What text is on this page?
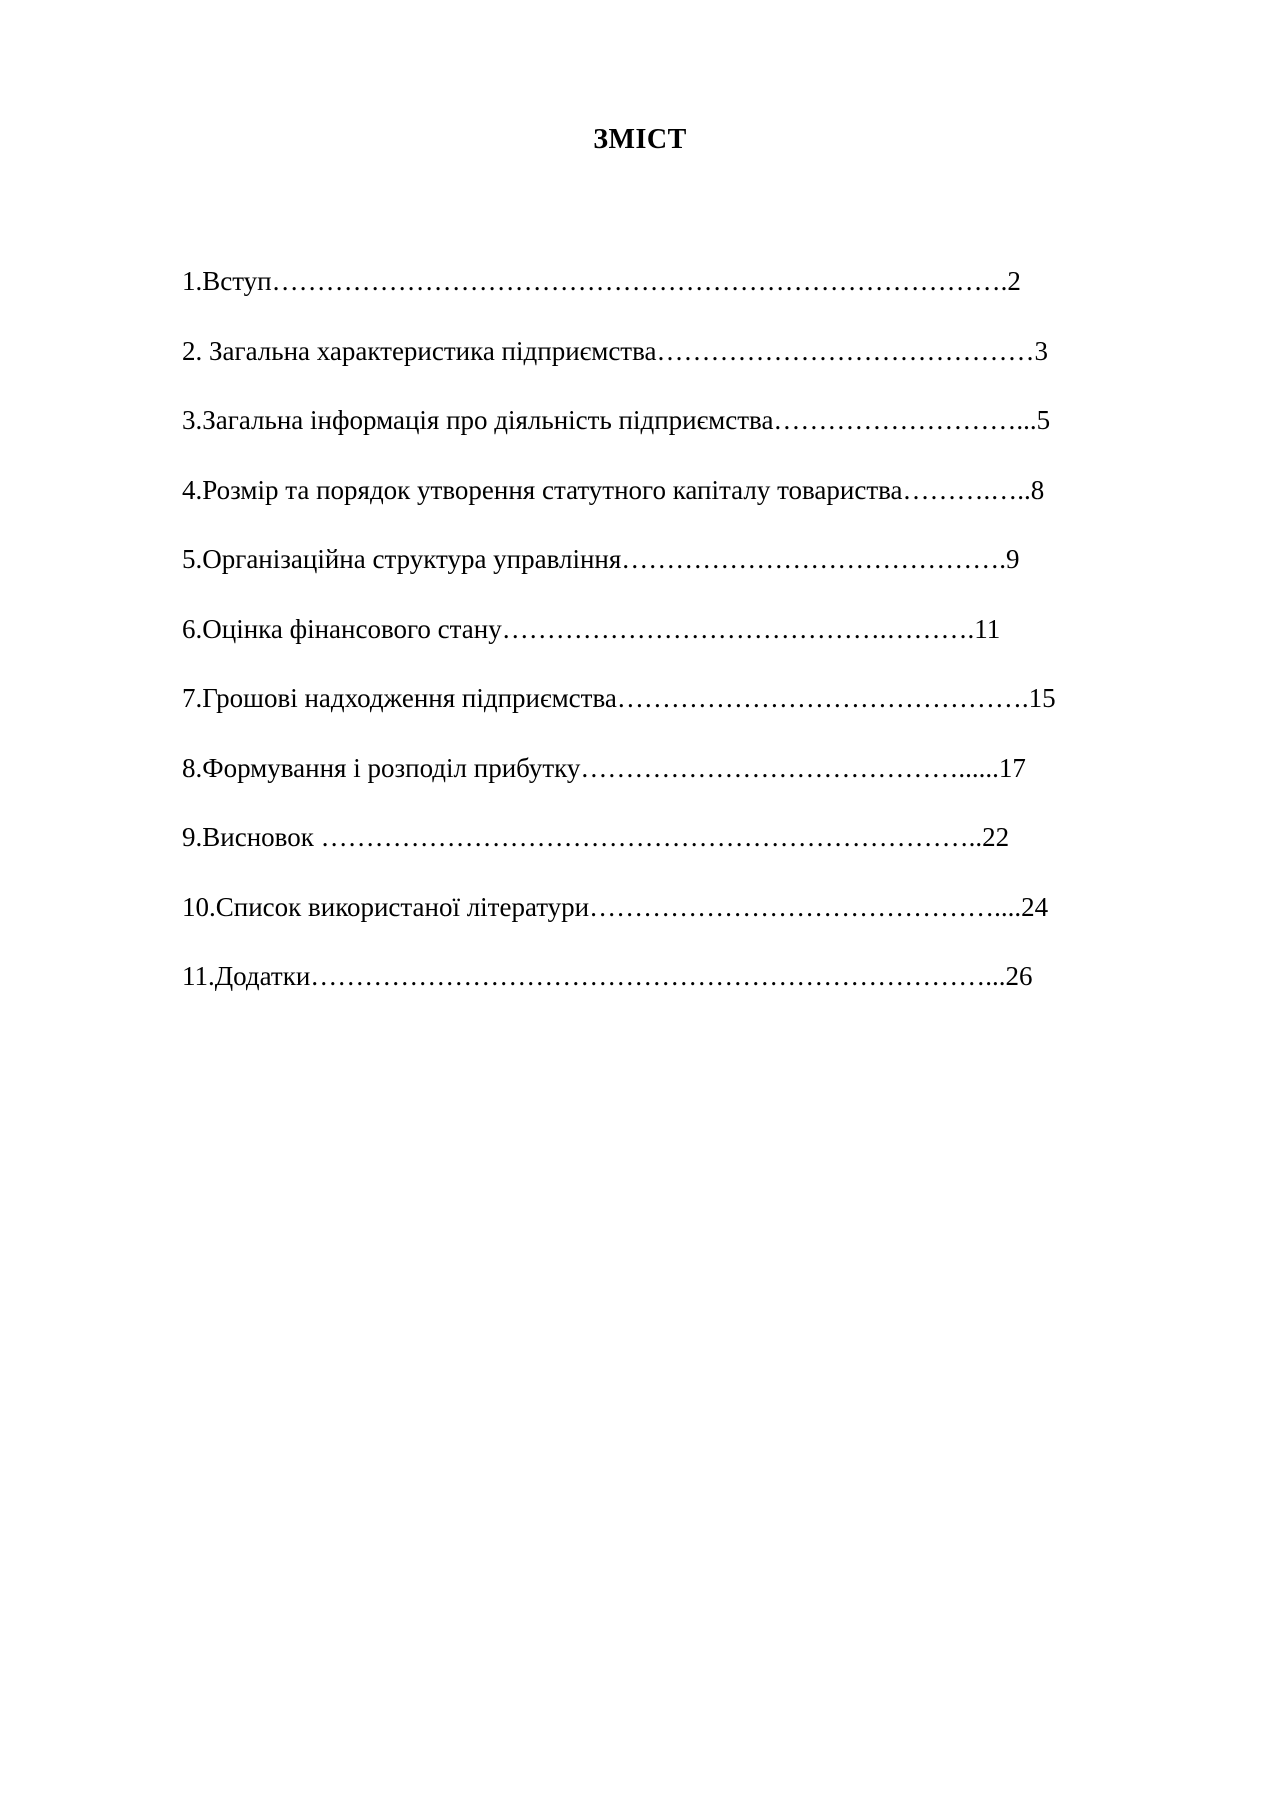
ЗМІСТ
1.Вступ……………………………………………………………………….2
2. Загальна характеристика підприємства……………………………………3
3.Загальна інформація про діяльність підприємства………………………...5
4.Розмір та порядок утворення статутного капіталу товариства……….…..8
5.Організаційна структура управління…………………………………….9
6.Оцінка фінансового стану…………………………………….……….11
7.Грошові надходження підприємства……………………………………….15
8.Формування і розподіл прибутку……………………………………......17
9.Висновок ………………………………………………………………..22
10.Список використаної літератури………………………………………....24
11.Додатки…………………………………………………………………...26
